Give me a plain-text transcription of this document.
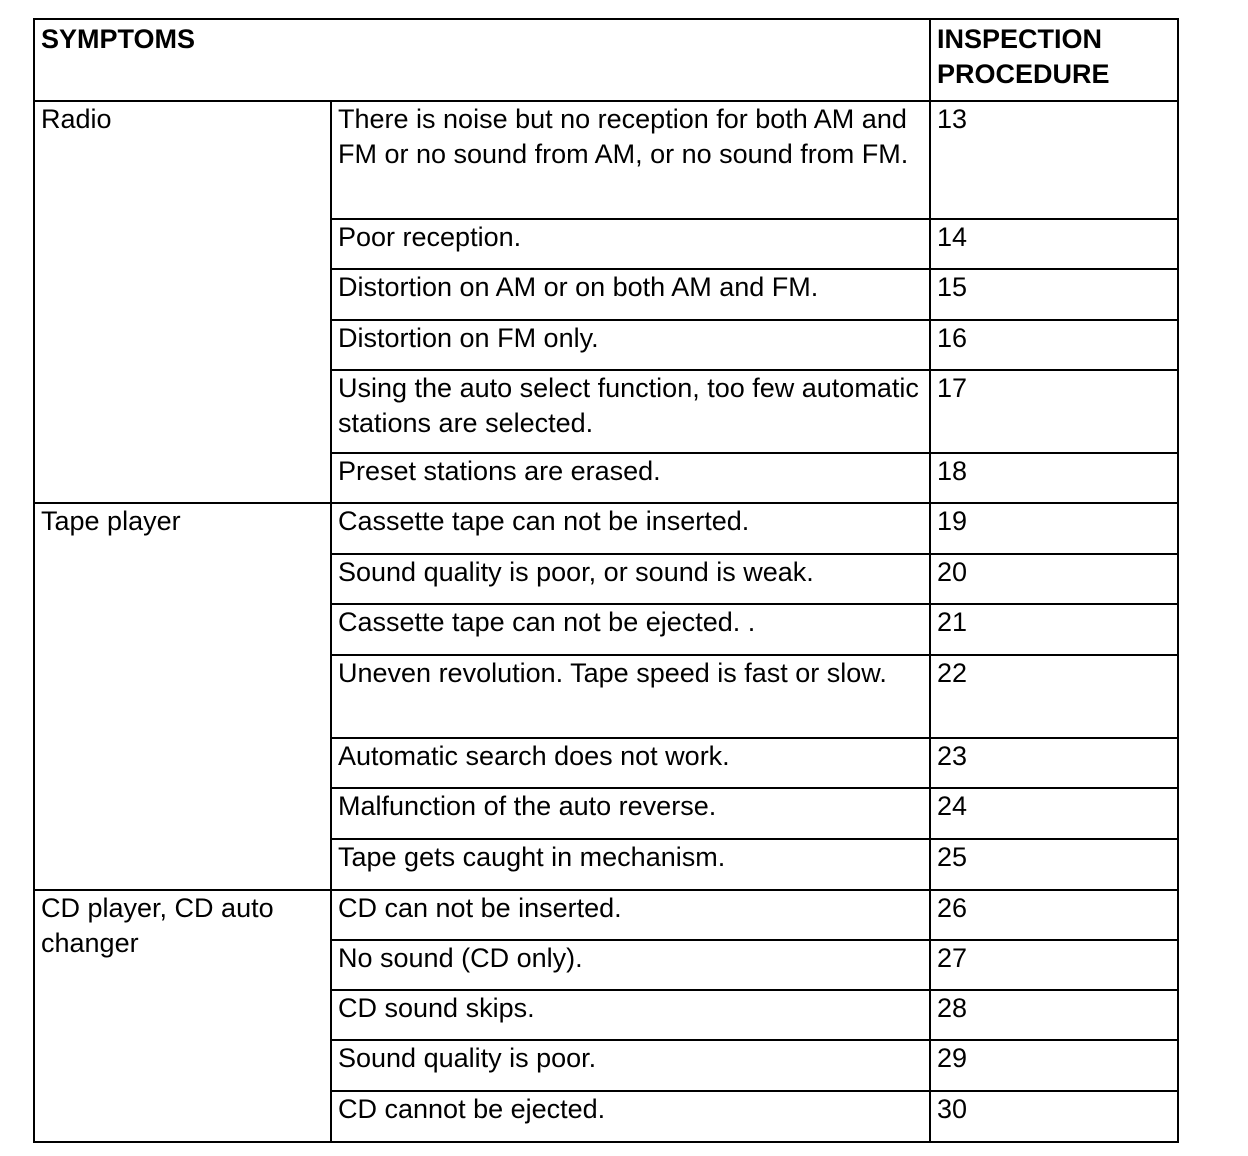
SYMPTOMS		INSPECTION PROCEDURE
Radio	There is noise but no reception for both AM and FM or no sound from AM, or no sound from FM.	13
	Poor reception.	14
	Distortion on AM or on both AM and FM.	15
	Distortion on FM only.	16
	Using the auto select function, too few automatic stations are selected.	17
	Preset stations are erased.	18
Tape player	Cassette tape can not be inserted.	19
	Sound quality is poor, or sound is weak.	20
	Cassette tape can not be ejected. .	21
	Uneven revolution. Tape speed is fast or slow.	22
	Automatic search does not work.	23
	Malfunction of the auto reverse.	24
	Tape gets caught in mechanism.	25
CD player, CD auto changer	CD can not be inserted.	26
	No sound (CD only).	27
	CD sound skips.	28
	Sound quality is poor.	29
	CD cannot be ejected.	30
